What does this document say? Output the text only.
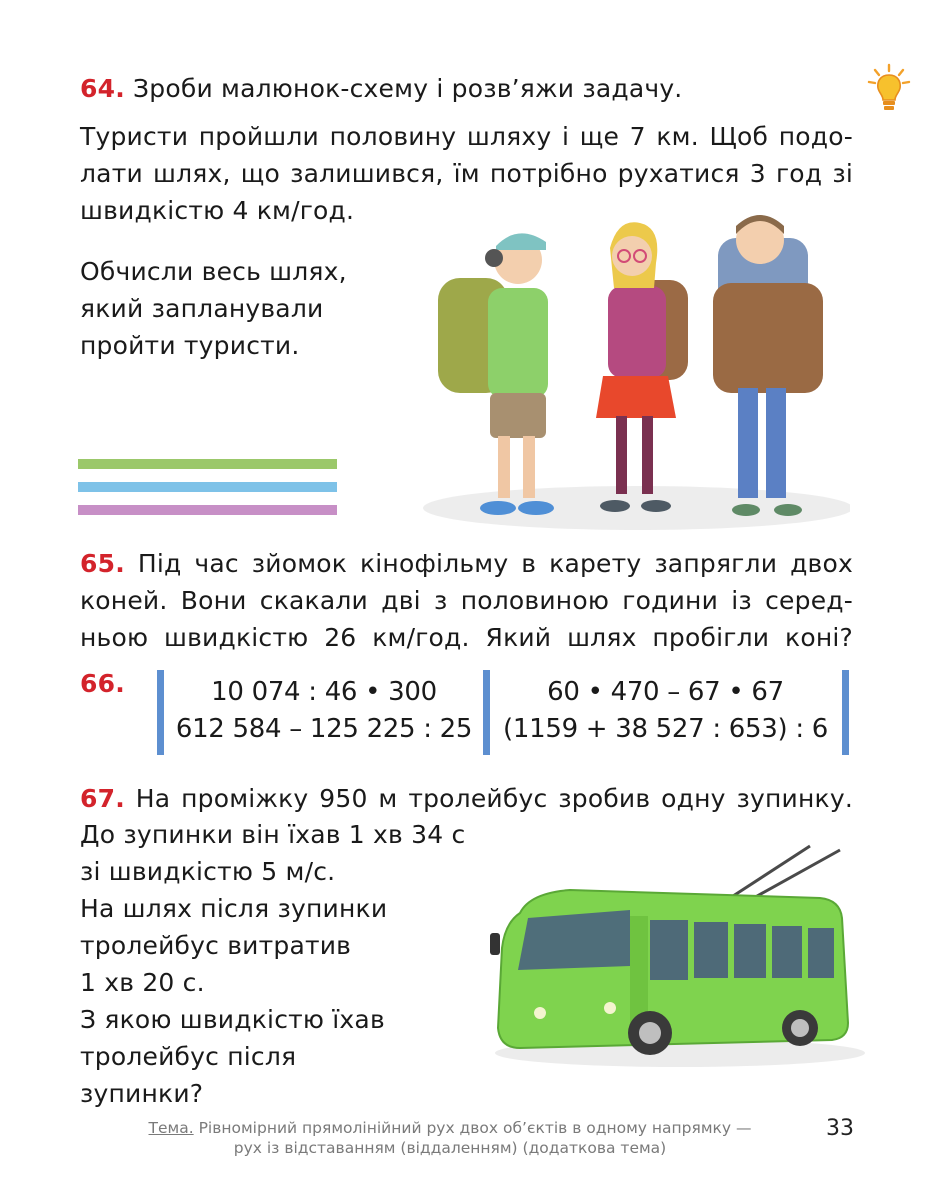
64. Зроби малюнок-схему і розв’яжи задачу.
Туристи пройшли половину шляху і ще 7 км. Щоб подо-
лати шлях, що залишився, їм потрібно рухатися 3 год зі
швидкістю 4 км/год.
Обчисли весь шлях,
який запланували
пройти туристи.
65. Під час зйомок кінофільму в карету запрягли двох
коней. Вони скакали дві з половиною години із серед-
ньою швидкістю 26 км/год. Який шлях пробігли коні?
66.	10 074 : 46 • 300
612 584 – 125 225 : 25
60 • 470 – 67 • 67
(1159 + 38 527 : 653) : 6
67. На проміжку 950 м тролейбус зробив одну зупинку.
До зупинки він їхав 1 хв 34 с
зі швидкістю 5 м/с.
На шлях після зупинки
тролейбус витратив
1 хв 20 с.
З якою швидкістю їхав
тролейбус після
зупинки?
Тема. Рівномірний прямолінійний рух двох об’єктів в одному напрямку —
рух із відставанням (віддаленням) (додаткова тема)
33
